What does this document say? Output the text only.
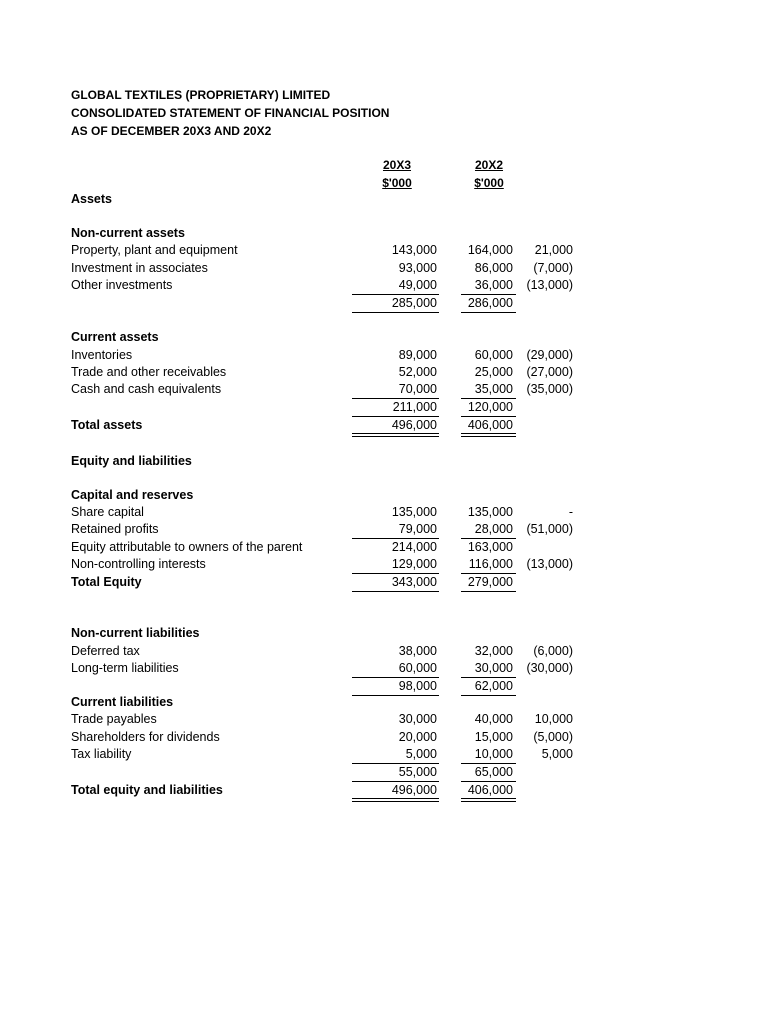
GLOBAL TEXTILES (PROPRIETARY) LIMITED
CONSOLIDATED STATEMENT OF FINANCIAL POSITION
AS OF DECEMBER 20X3 AND 20X2
20X3
$'000
20X2
$'000
Assets
Non-current assets
Property, plant and equipment	143,000	164,000	21,000
Investment in associates	93,000	86,000	(7,000)
Other investments	49,000	36,000	(13,000)
285,000	286,000
Current assets
Inventories	89,000	60,000	(29,000)
Trade and other receivables	52,000	25,000	(27,000)
Cash and cash equivalents	70,000	35,000	(35,000)
211,000	120,000
Total assets	496,000	406,000
Equity and liabilities
Capital and reserves
Share capital	135,000	135,000	-
Retained profits	79,000	28,000	(51,000)
Equity attributable to owners of the parent	214,000	163,000
Non-controlling interests	129,000	116,000	(13,000)
Total Equity	343,000	279,000
Non-current liabilities
Deferred tax	38,000	32,000	(6,000)
Long-term liabilities	60,000	30,000	(30,000)
98,000	62,000
Current liabilities
Trade payables	30,000	40,000	10,000
Shareholders for dividends	20,000	15,000	(5,000)
Tax liability	5,000	10,000	5,000
55,000	65,000
Total equity and liabilities	496,000	406,000
